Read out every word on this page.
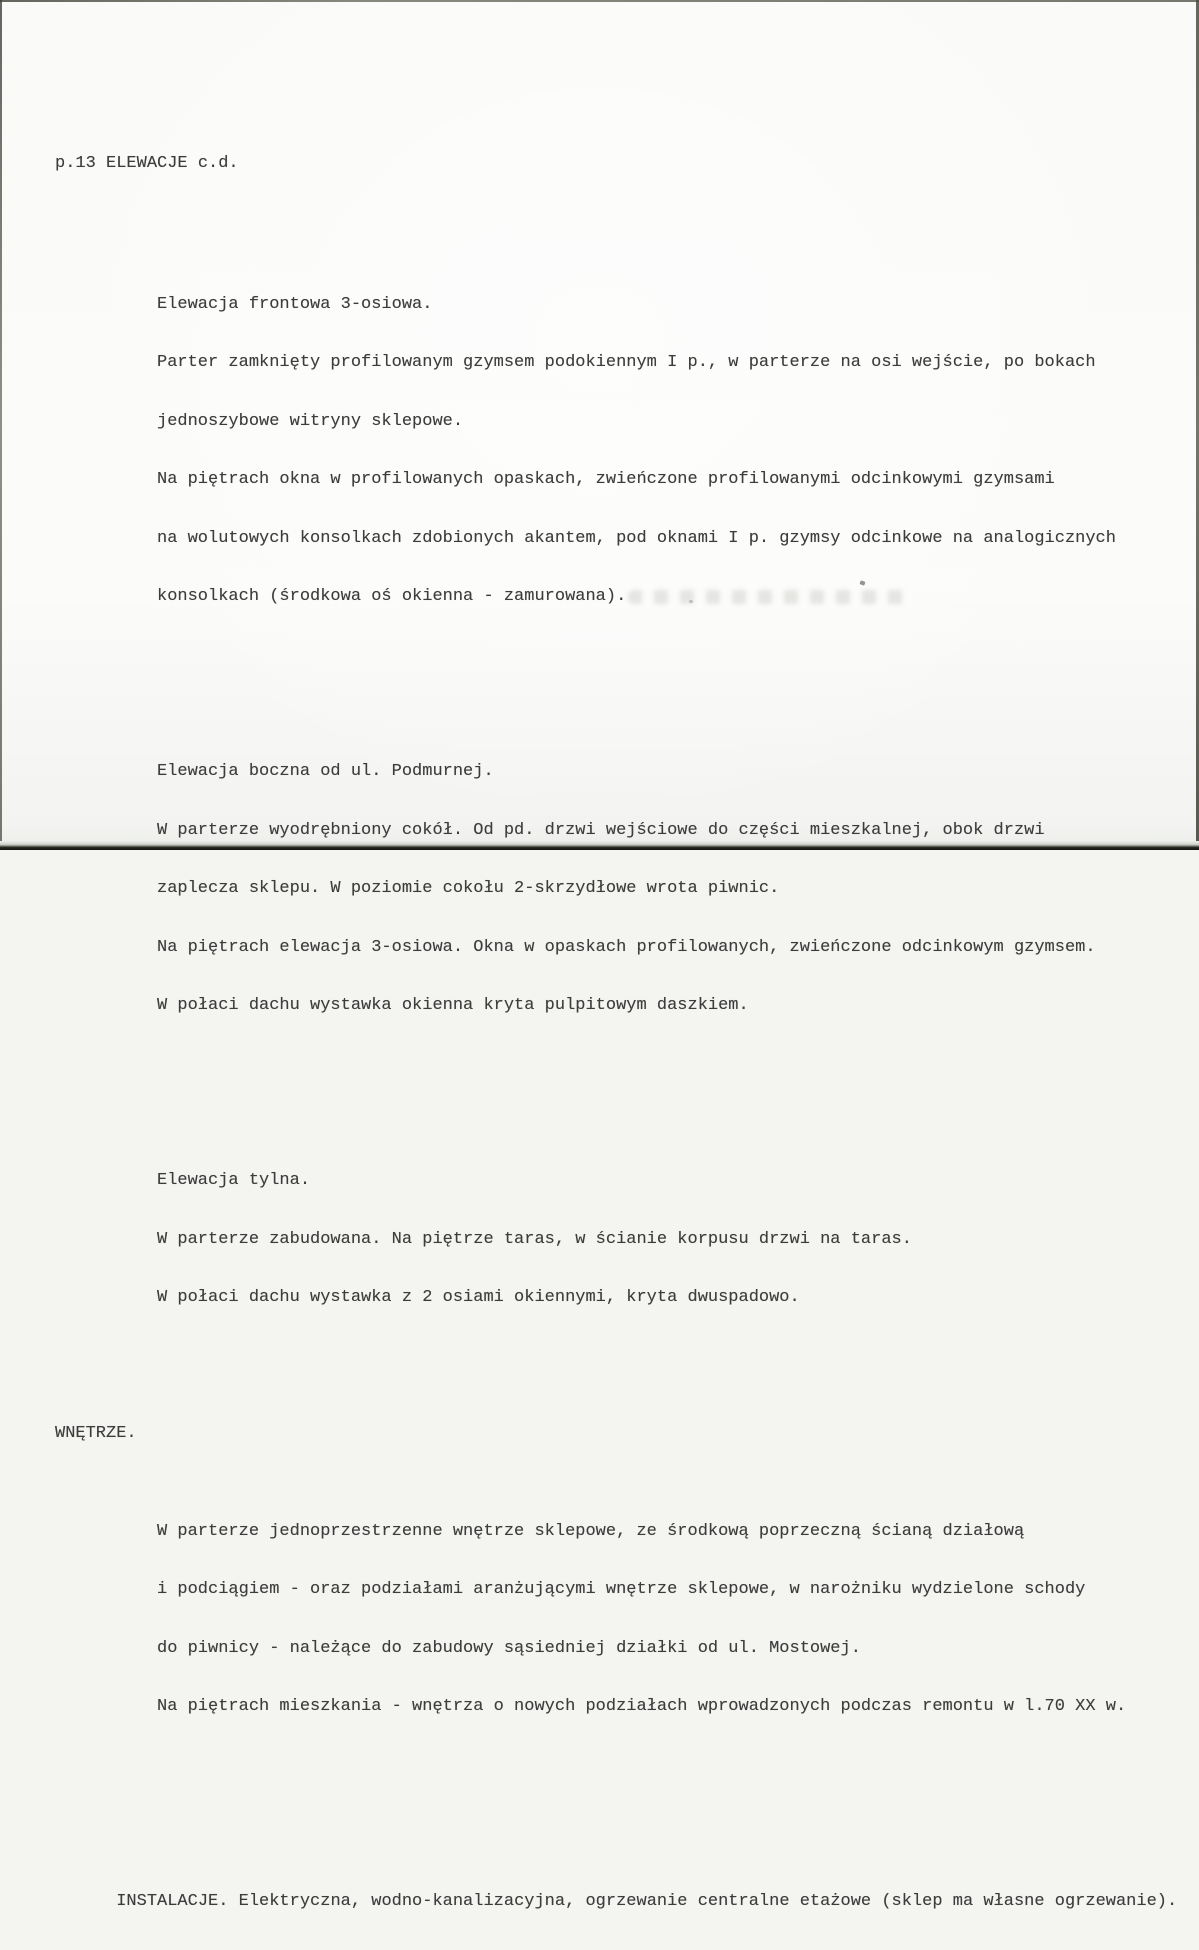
p.13 ELEWACJE c.d.

Elewacja frontowa 3-osiowa.

Parter zamknięty profilowanym gzymsem podokiennym I p., w parterze na osi wejście, po bokach

jednoszybowe witryny sklepowe.

Na piętrach okna w profilowanych opaskach, zwieńczone profilowanymi odcinkowymi gzymsami

na wolutowych konsolkach zdobionych akantem, pod oknami I p. gzymsy odcinkowe na analogicznych

konsolkach (środkowa oś okienna - zamurowana).

Elewacja boczna od ul. Podmurnej.

W parterze wyodrębniony cokół. Od pd. drzwi wejściowe do części mieszkalnej, obok drzwi

zaplecza sklepu. W poziomie cokołu 2-skrzydłowe wrota piwnic.

Na piętrach elewacja 3-osiowa. Okna w opaskach profilowanych, zwieńczone odcinkowym gzymsem.

W połaci dachu wystawka okienna kryta pulpitowym daszkiem.

Elewacja tylna.

W parterze zabudowana. Na piętrze taras, w ścianie korpusu drzwi na taras.

W połaci dachu wystawka z 2 osiami okiennymi, kryta dwuspadowo.

WNĘTRZE.

W parterze jednoprzestrzenne wnętrze sklepowe, ze środkową poprzeczną ścianą działową

i podciągiem - oraz podziałami aranżującymi wnętrze sklepowe, w narożniku wydzielone schody

do piwnicy - należące do zabudowy sąsiedniej działki od ul. Mostowej.

Na piętrach mieszkania - wnętrza o nowych podziałach wprowadzonych podczas remontu w l.70 XX w.

INSTALACJE. Elektryczna, wodno-kanalizacyjna, ogrzewanie centralne etażowe (sklep ma własne ogrzewanie).
